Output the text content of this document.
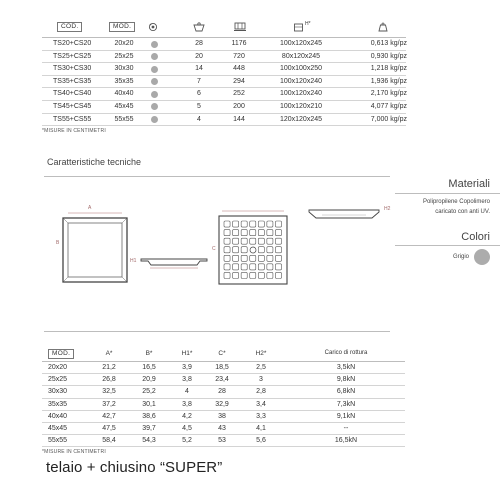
COD.	MOD.	H*
TS20+CS20	20x20	28	1176	100x120x245	0,613 kg/pz
TS25+CS25	25x25	20	720	80x120x245	0,930 kg/pz
TS30+CS30	30x30	14	448	100x100x250	1,218 kg/pz
TS35+CS35	35x35	7	294	100x120x240	1,936 kg/pz
TS40+CS40	40x40	6	252	100x120x240	2,170 kg/pz
TS45+CS45	45x45	5	200	100x120x210	4,077 kg/pz
TS55+CS55	55x55	4	144	120x120x245	7,000 kg/pz
*MISURE IN CENTIMETRI
Caratteristiche tecniche
A
B
H1
C
H2
Materiali
Polipropilene Copolimero
caricato con anti UV.
Colori
Grigio
MOD.	A*	B*	H1*	C*	H2*	Carico di rottura
20x20	21,2	16,5	3,9	18,5	2,5	3,5kN
25x25	26,8	20,9	3,8	23,4	3	9,8kN
30x30	32,5	25,2	4	28	2,8	6,8kN
35x35	37,2	30,1	3,8	32,9	3,4	7,3kN
40x40	42,7	38,6	4,2	38	3,3	9,1kN
45x45	47,5	39,7	4,5	43	4,1	--
55x55	58,4	54,3	5,2	53	5,6	16,5kN
*MISURE IN CENTIMETRI
telaio + chiusino “SUPER”
